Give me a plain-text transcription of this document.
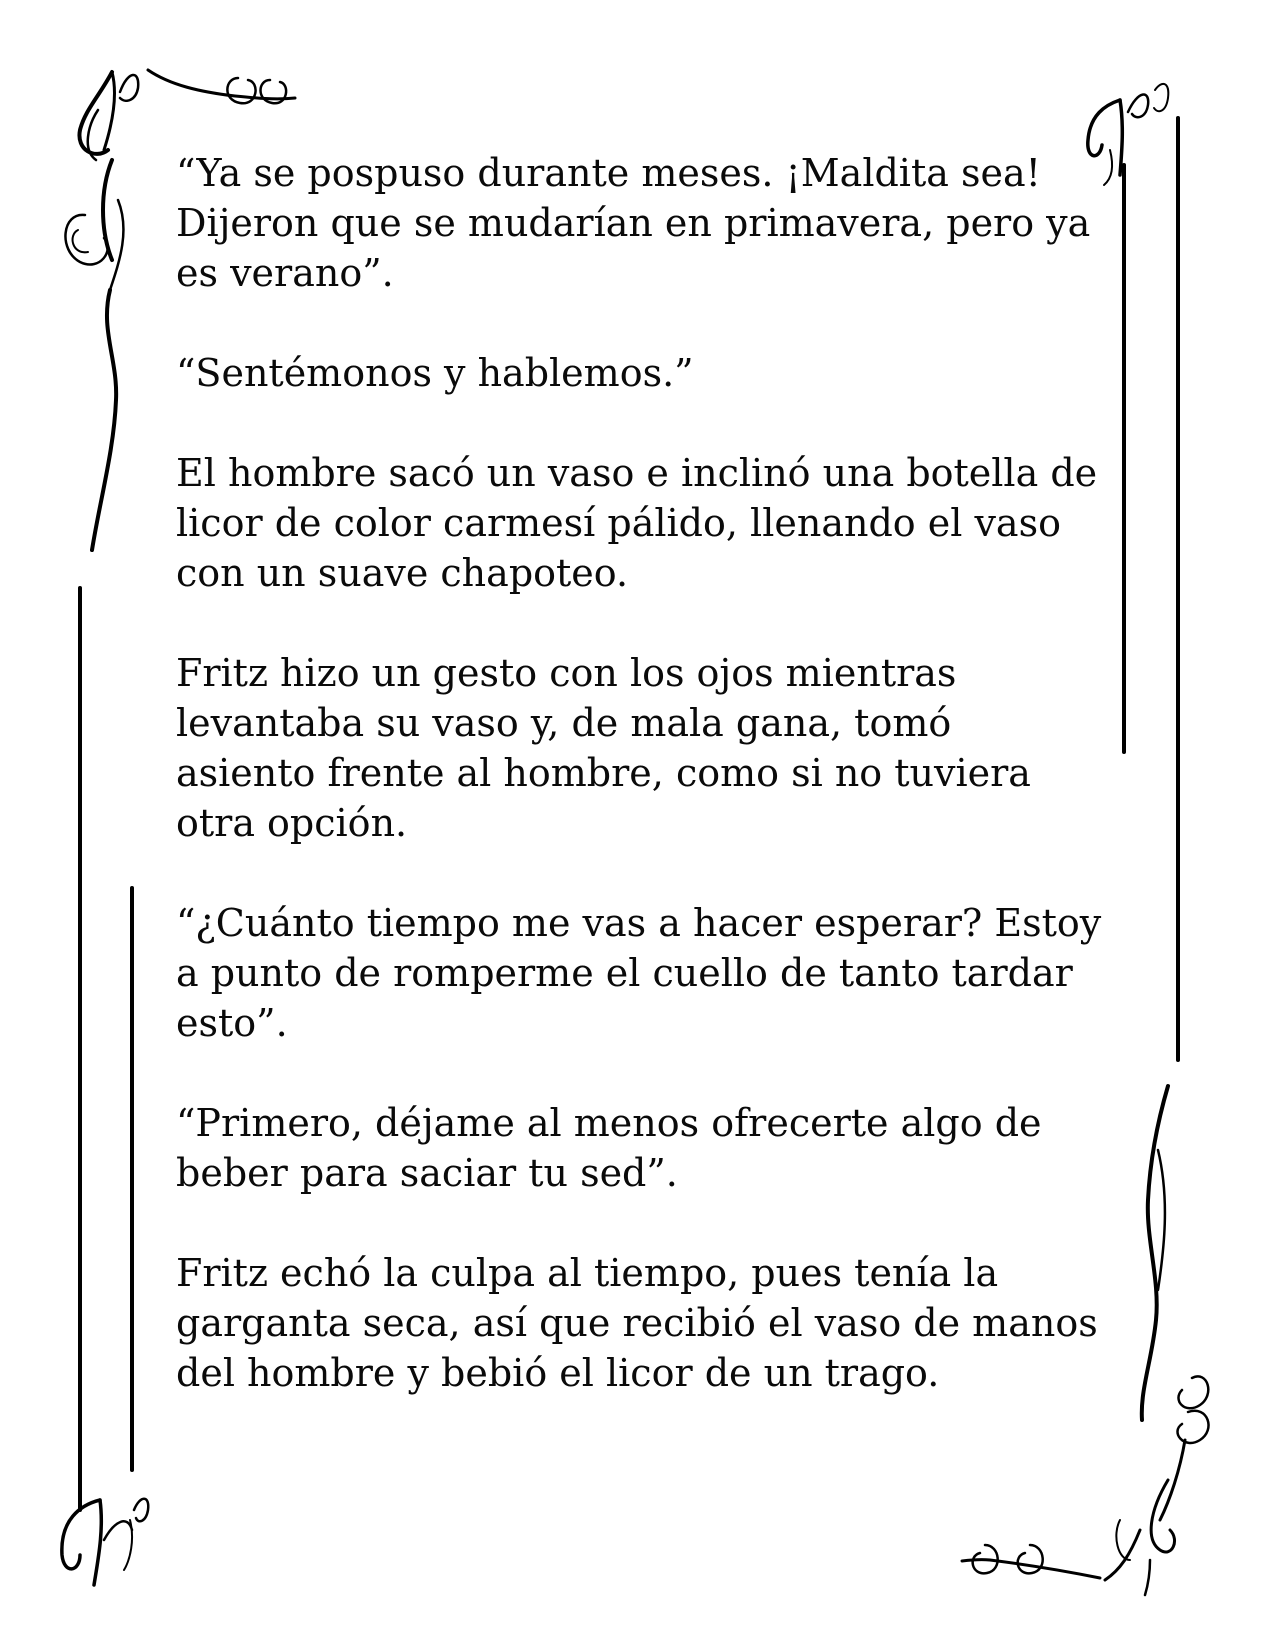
“Ya se pospuso durante meses. ¡Maldita sea!
Dijeron que se mudarían en primavera, pero ya
es verano”.

“Sentémonos y hablemos.”

El hombre sacó un vaso e inclinó una botella de
licor de color carmesí pálido, llenando el vaso
con un suave chapoteo.

Fritz hizo un gesto con los ojos mientras
levantaba su vaso y, de mala gana, tomó
asiento frente al hombre, como si no tuviera
otra opción.

“¿Cuánto tiempo me vas a hacer esperar? Estoy
a punto de romperme el cuello de tanto tardar
esto”.

“Primero, déjame al menos ofrecerte algo de
beber para saciar tu sed”.

Fritz echó la culpa al tiempo, pues tenía la
garganta seca, así que recibió el vaso de manos
del hombre y bebió el licor de un trago.
